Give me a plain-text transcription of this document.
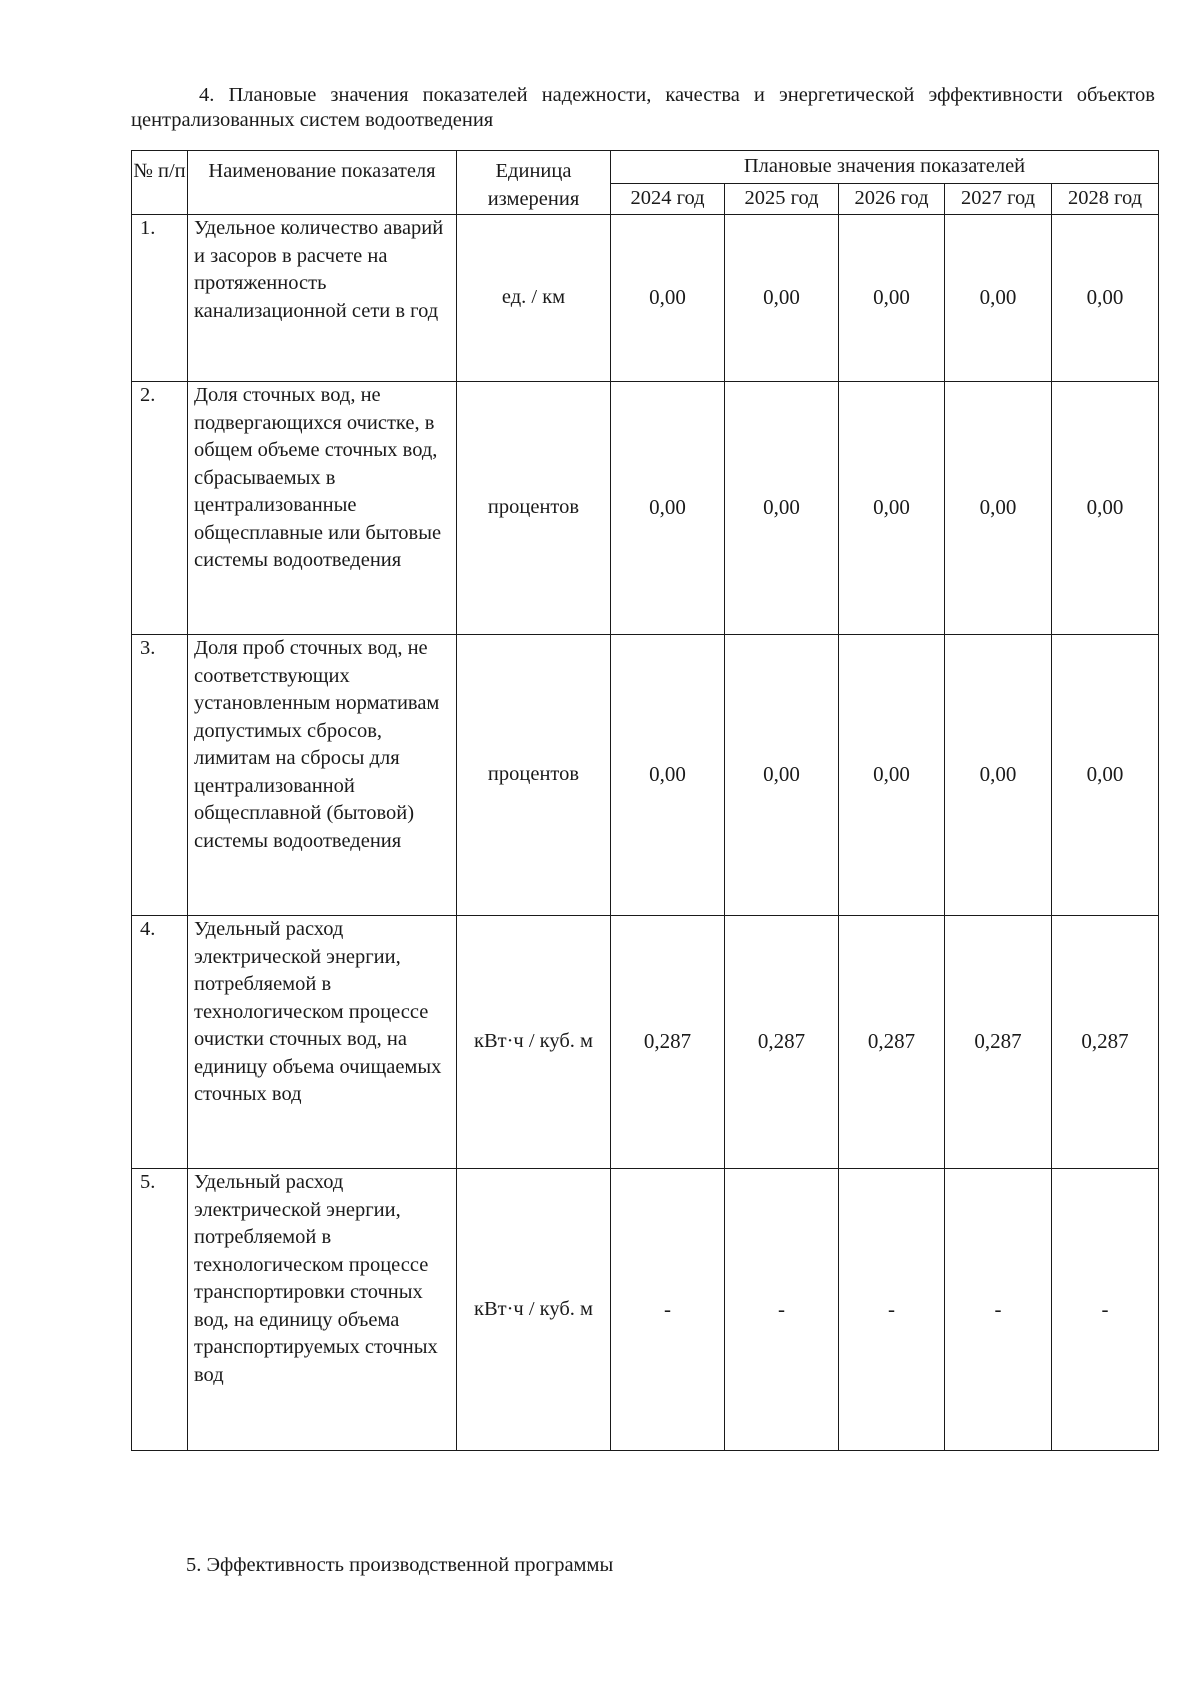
4. Плановые значения показателей надежности, качества и энергетической эффективности объектов централизованных систем водоотведения

№ п/п	Наименование показателя	Единица измерения	Плановые значения показателей				
			2024 год	2025 год	2026 год	2027 год	2028 год
1.	Удельное количество аварий и засоров в расчете на протяженность канализационной сети в год	ед. / км	0,00	0,00	0,00	0,00	0,00
2.	Доля сточных вод, не подвергающихся очистке, в общем объеме сточных вод, сбрасываемых в централизованные общесплавные или бытовые системы водоотведения	процентов	0,00	0,00	0,00	0,00	0,00
3.	Доля проб сточных вод, не соответствующих установленным нормативам допустимых сбросов, лимитам на сбросы для централизованной общесплавной (бытовой) системы водоотведения	процентов	0,00	0,00	0,00	0,00	0,00
4.	Удельный расход электрической энергии, потребляемой в технологическом процессе очистки сточных вод, на единицу объема очищаемых сточных вод	кВт·ч / куб. м	0,287	0,287	0,287	0,287	0,287
5.	Удельный расход электрической энергии, потребляемой в технологическом процессе транспортировки сточных вод, на единицу объема транспортируемых сточных вод	кВт·ч / куб. м	-	-	-	-	-

5. Эффективность производственной программы
